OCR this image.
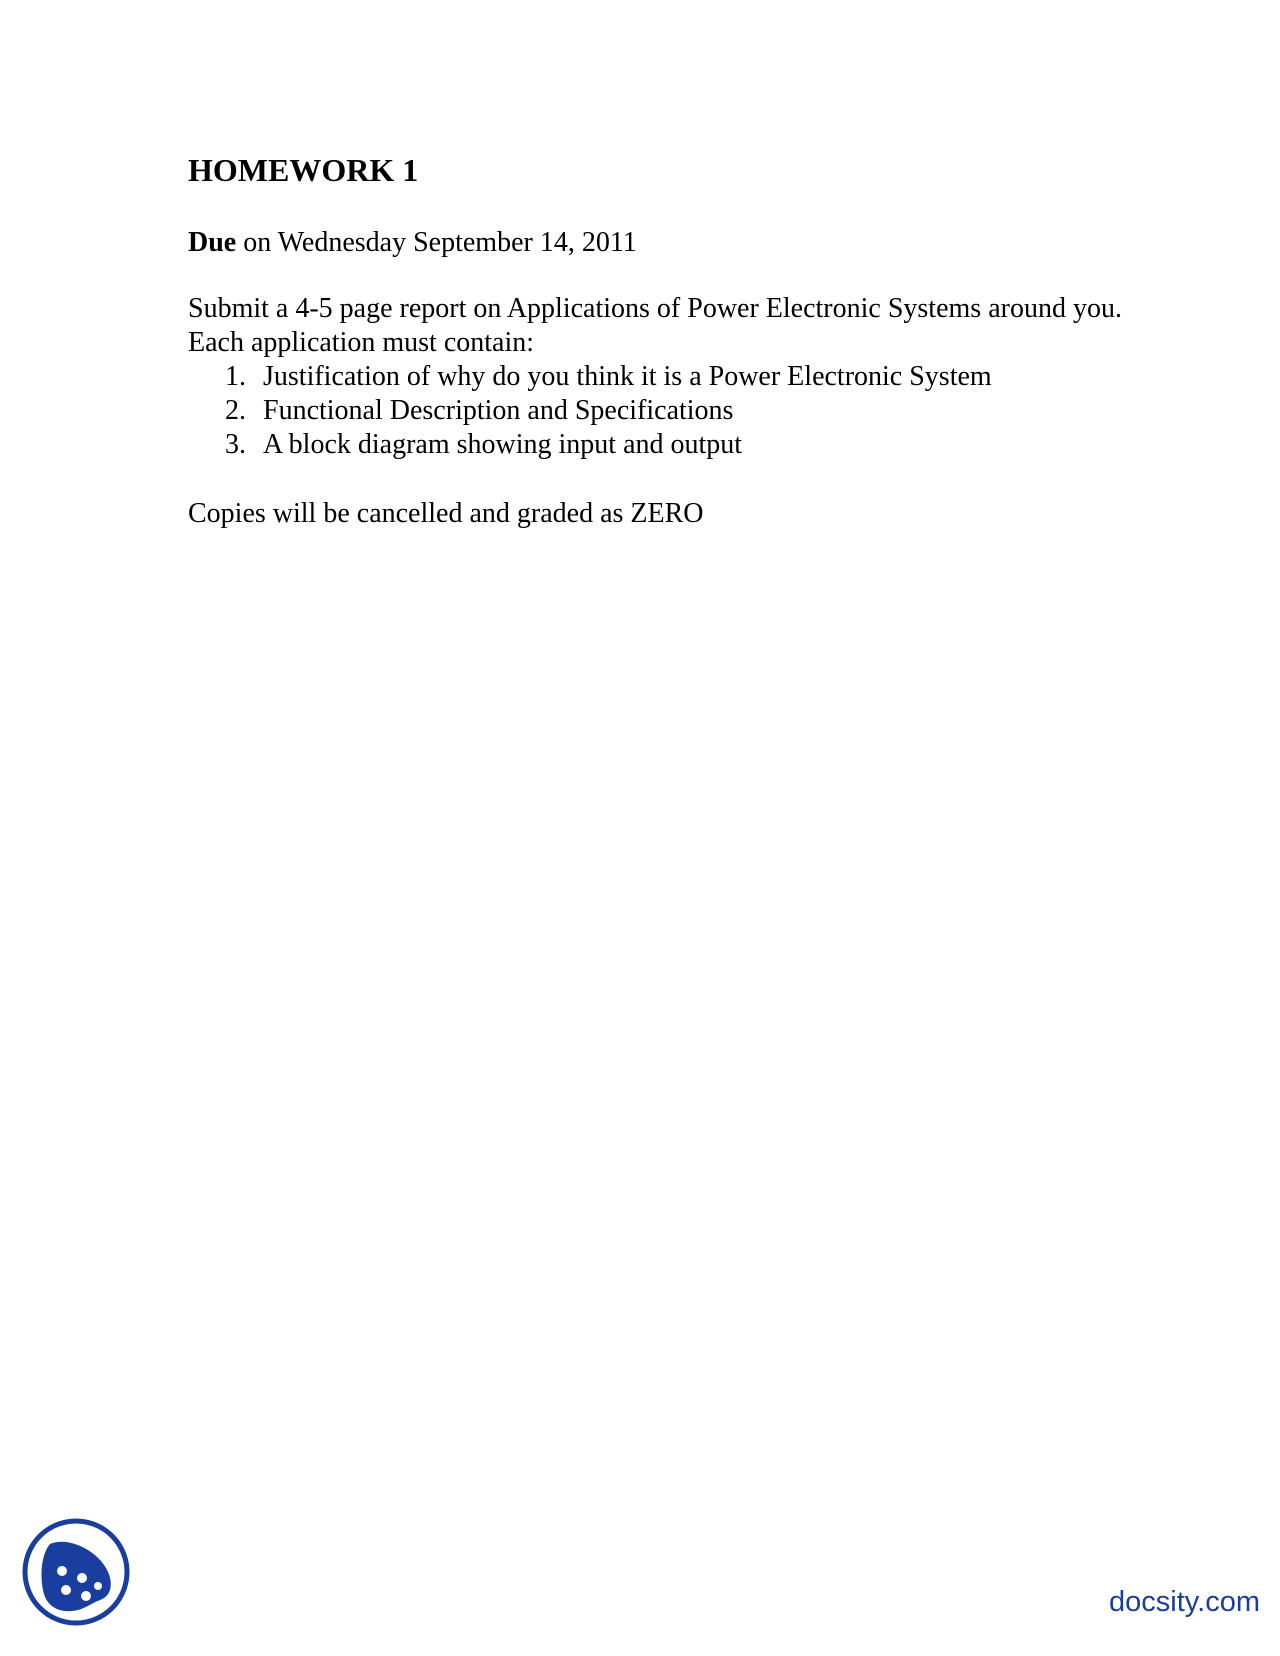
HOMEWORK 1

Due on Wednesday September 14, 2011

Submit a 4-5 page report on Applications of Power Electronic Systems around you. Each application must contain:

1. Justification of why do you think it is a Power Electronic System
2. Functional Description and Specifications
3. A block diagram showing input and output

Copies will be cancelled and graded as ZERO

docsity.com
